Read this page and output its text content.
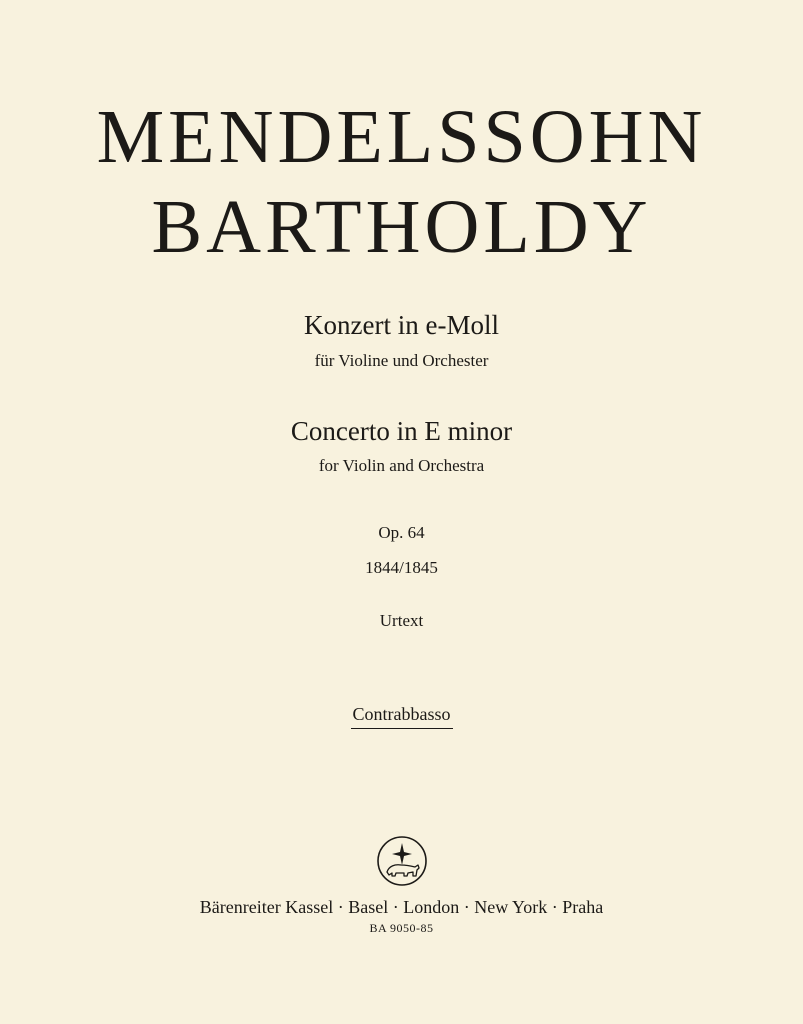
MENDELSSOHN
BARTHOLDY
Konzert in e-Moll
für Violine und Orchester
Concerto in E minor
for Violin and Orchestra
Op. 64
1844/1845
Urtext
Contrabbasso
Bärenreiter Kassel · Basel · London · New York · Praha
BA 9050-85
